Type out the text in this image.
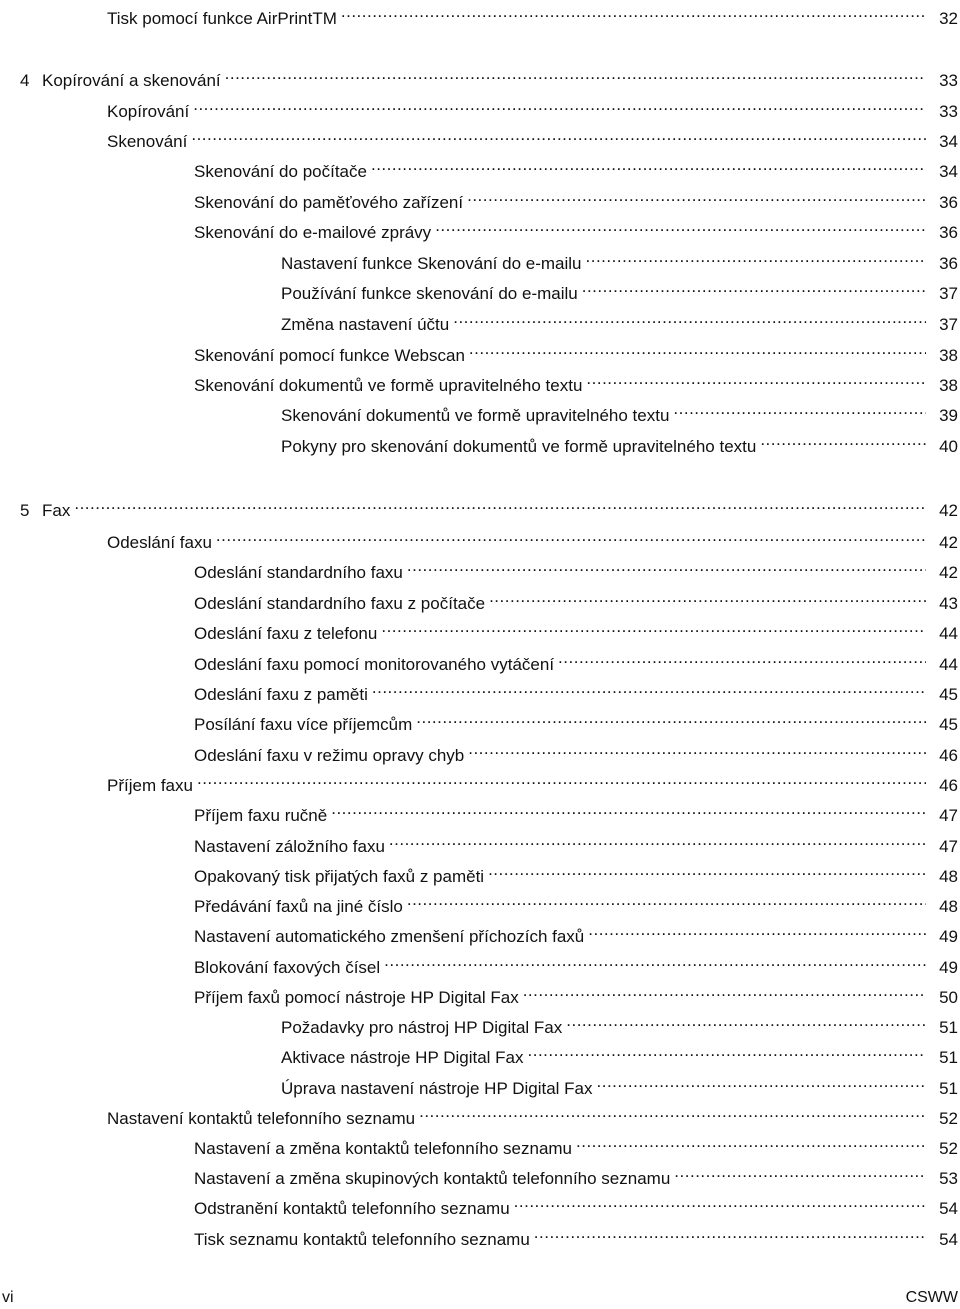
Tisk pomocí funkce AirPrintTM .....	32
4 Kopírování a skenování .....	33
Kopírování .....	33
Skenování .....	34
Skenování do počítače .....	34
Skenování do paměťového zařízení .....	36
Skenování do e-mailové zprávy .....	36
Nastavení funkce Skenování do e-mailu .....	36
Používání funkce skenování do e-mailu .....	37
Změna nastavení účtu .....	37
Skenování pomocí funkce Webscan .....	38
Skenování dokumentů ve formě upravitelného textu .....	38
Skenování dokumentů ve formě upravitelného textu .....	39
Pokyny pro skenování dokumentů ve formě upravitelného textu .....	40
5 Fax .....	42
Odeslání faxu .....	42
Odeslání standardního faxu .....	42
Odeslání standardního faxu z počítače .....	43
Odeslání faxu z telefonu .....	44
Odeslání faxu pomocí monitorovaného vytáčení .....	44
Odeslání faxu z paměti .....	45
Posílání faxu více příjemcům .....	45
Odeslání faxu v režimu opravy chyb .....	46
Příjem faxu .....	46
Příjem faxu ručně .....	47
Nastavení záložního faxu .....	47
Opakovaný tisk přijatých faxů z paměti .....	48
Předávání faxů na jiné číslo .....	48
Nastavení automatického zmenšení příchozích faxů .....	49
Blokování faxových čísel .....	49
Příjem faxů pomocí nástroje HP Digital Fax .....	50
Požadavky pro nástroj HP Digital Fax .....	51
Aktivace nástroje HP Digital Fax .....	51
Úprava nastavení nástroje HP Digital Fax .....	51
Nastavení kontaktů telefonního seznamu .....	52
Nastavení a změna kontaktů telefonního seznamu .....	52
Nastavení a změna skupinových kontaktů telefonního seznamu .....	53
Odstranění kontaktů telefonního seznamu .....	54
Tisk seznamu kontaktů telefonního seznamu .....	54
vi	CSWW
